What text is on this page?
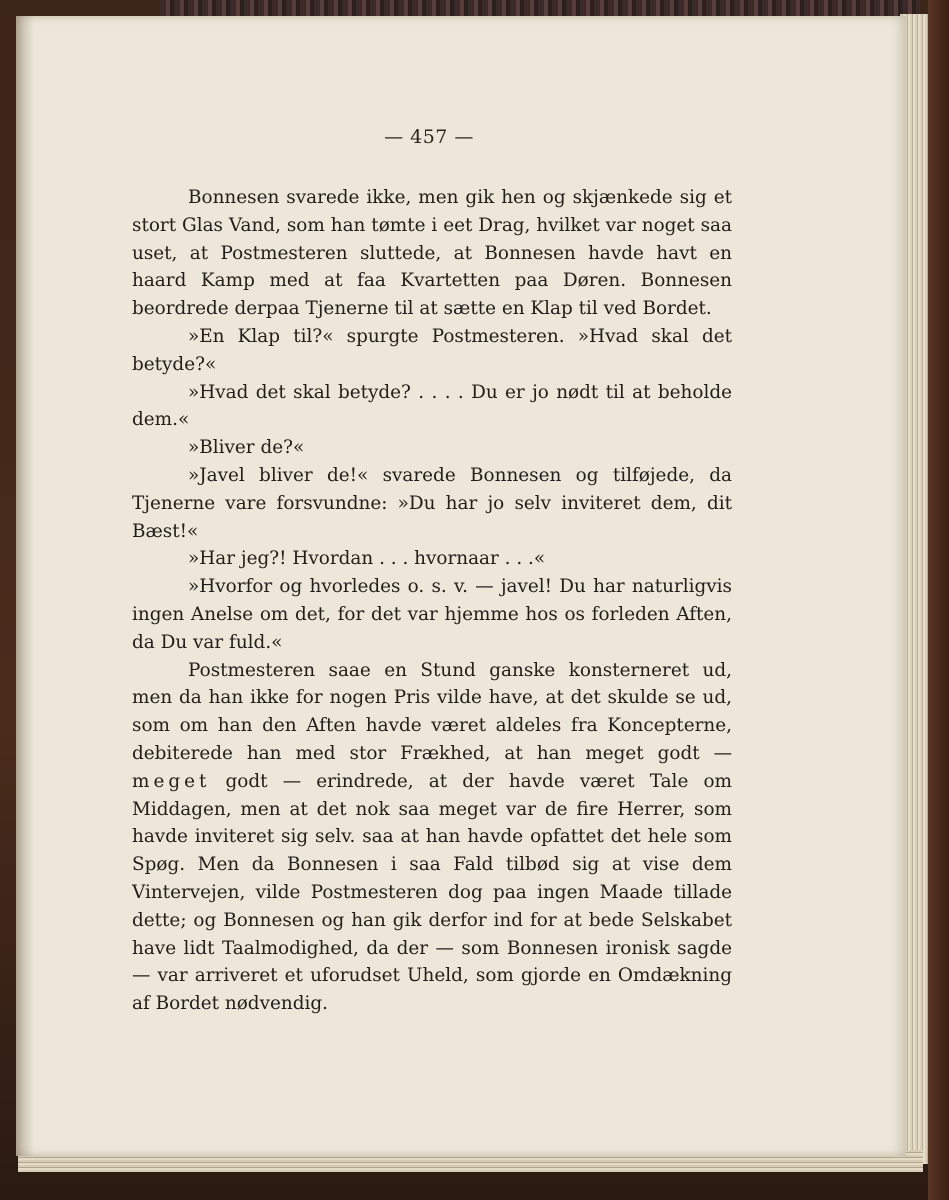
— 457 —

Bonnesen svarede ikke, men gik hen og skjænkede sig et stort Glas Vand, som han tømte i eet Drag, hvilket var noget saa uset, at Postmesteren sluttede, at Bonnesen havde havt en haard Kamp med at faa Kvartetten paa Døren. Bonnesen beordrede derpaa Tjenerne til at sætte en Klap til ved Bordet.

»En Klap til?« spurgte Postmesteren. »Hvad skal det betyde?«

»Hvad det skal betyde? . . . . Du er jo nødt til at beholde dem.«

»Bliver de?«

»Javel bliver de!« svarede Bonnesen og tilføjede, da Tjenerne vare forsvundne: »Du har jo selv inviteret dem, dit Bæst!«

»Har jeg?! Hvordan . . . hvornaar . . .«

»Hvorfor og hvorledes o. s. v. — javel! Du har naturligvis ingen Anelse om det, for det var hjemme hos os forleden Aften, da Du var fuld.«

Postmesteren saae en Stund ganske konsterneret ud, men da han ikke for nogen Pris vilde have, at det skulde se ud, som om han den Aften havde været aldeles fra Koncepterne, debiterede han med stor Frækhed, at han meget godt — meget godt — erindrede, at der havde været Tale om Middagen, men at det nok saa meget var de fire Herrer, som havde inviteret sig selv. saa at han havde opfattet det hele som Spøg. Men da Bonnesen i saa Fald tilbød sig at vise dem Vintervejen, vilde Postmesteren dog paa ingen Maade tillade dette; og Bonnesen og han gik derfor ind for at bede Selskabet have lidt Taalmodighed, da der — som Bonnesen ironisk sagde — var arriveret et uforudset Uheld, som gjorde en Omdækning af Bordet nødvendig.
